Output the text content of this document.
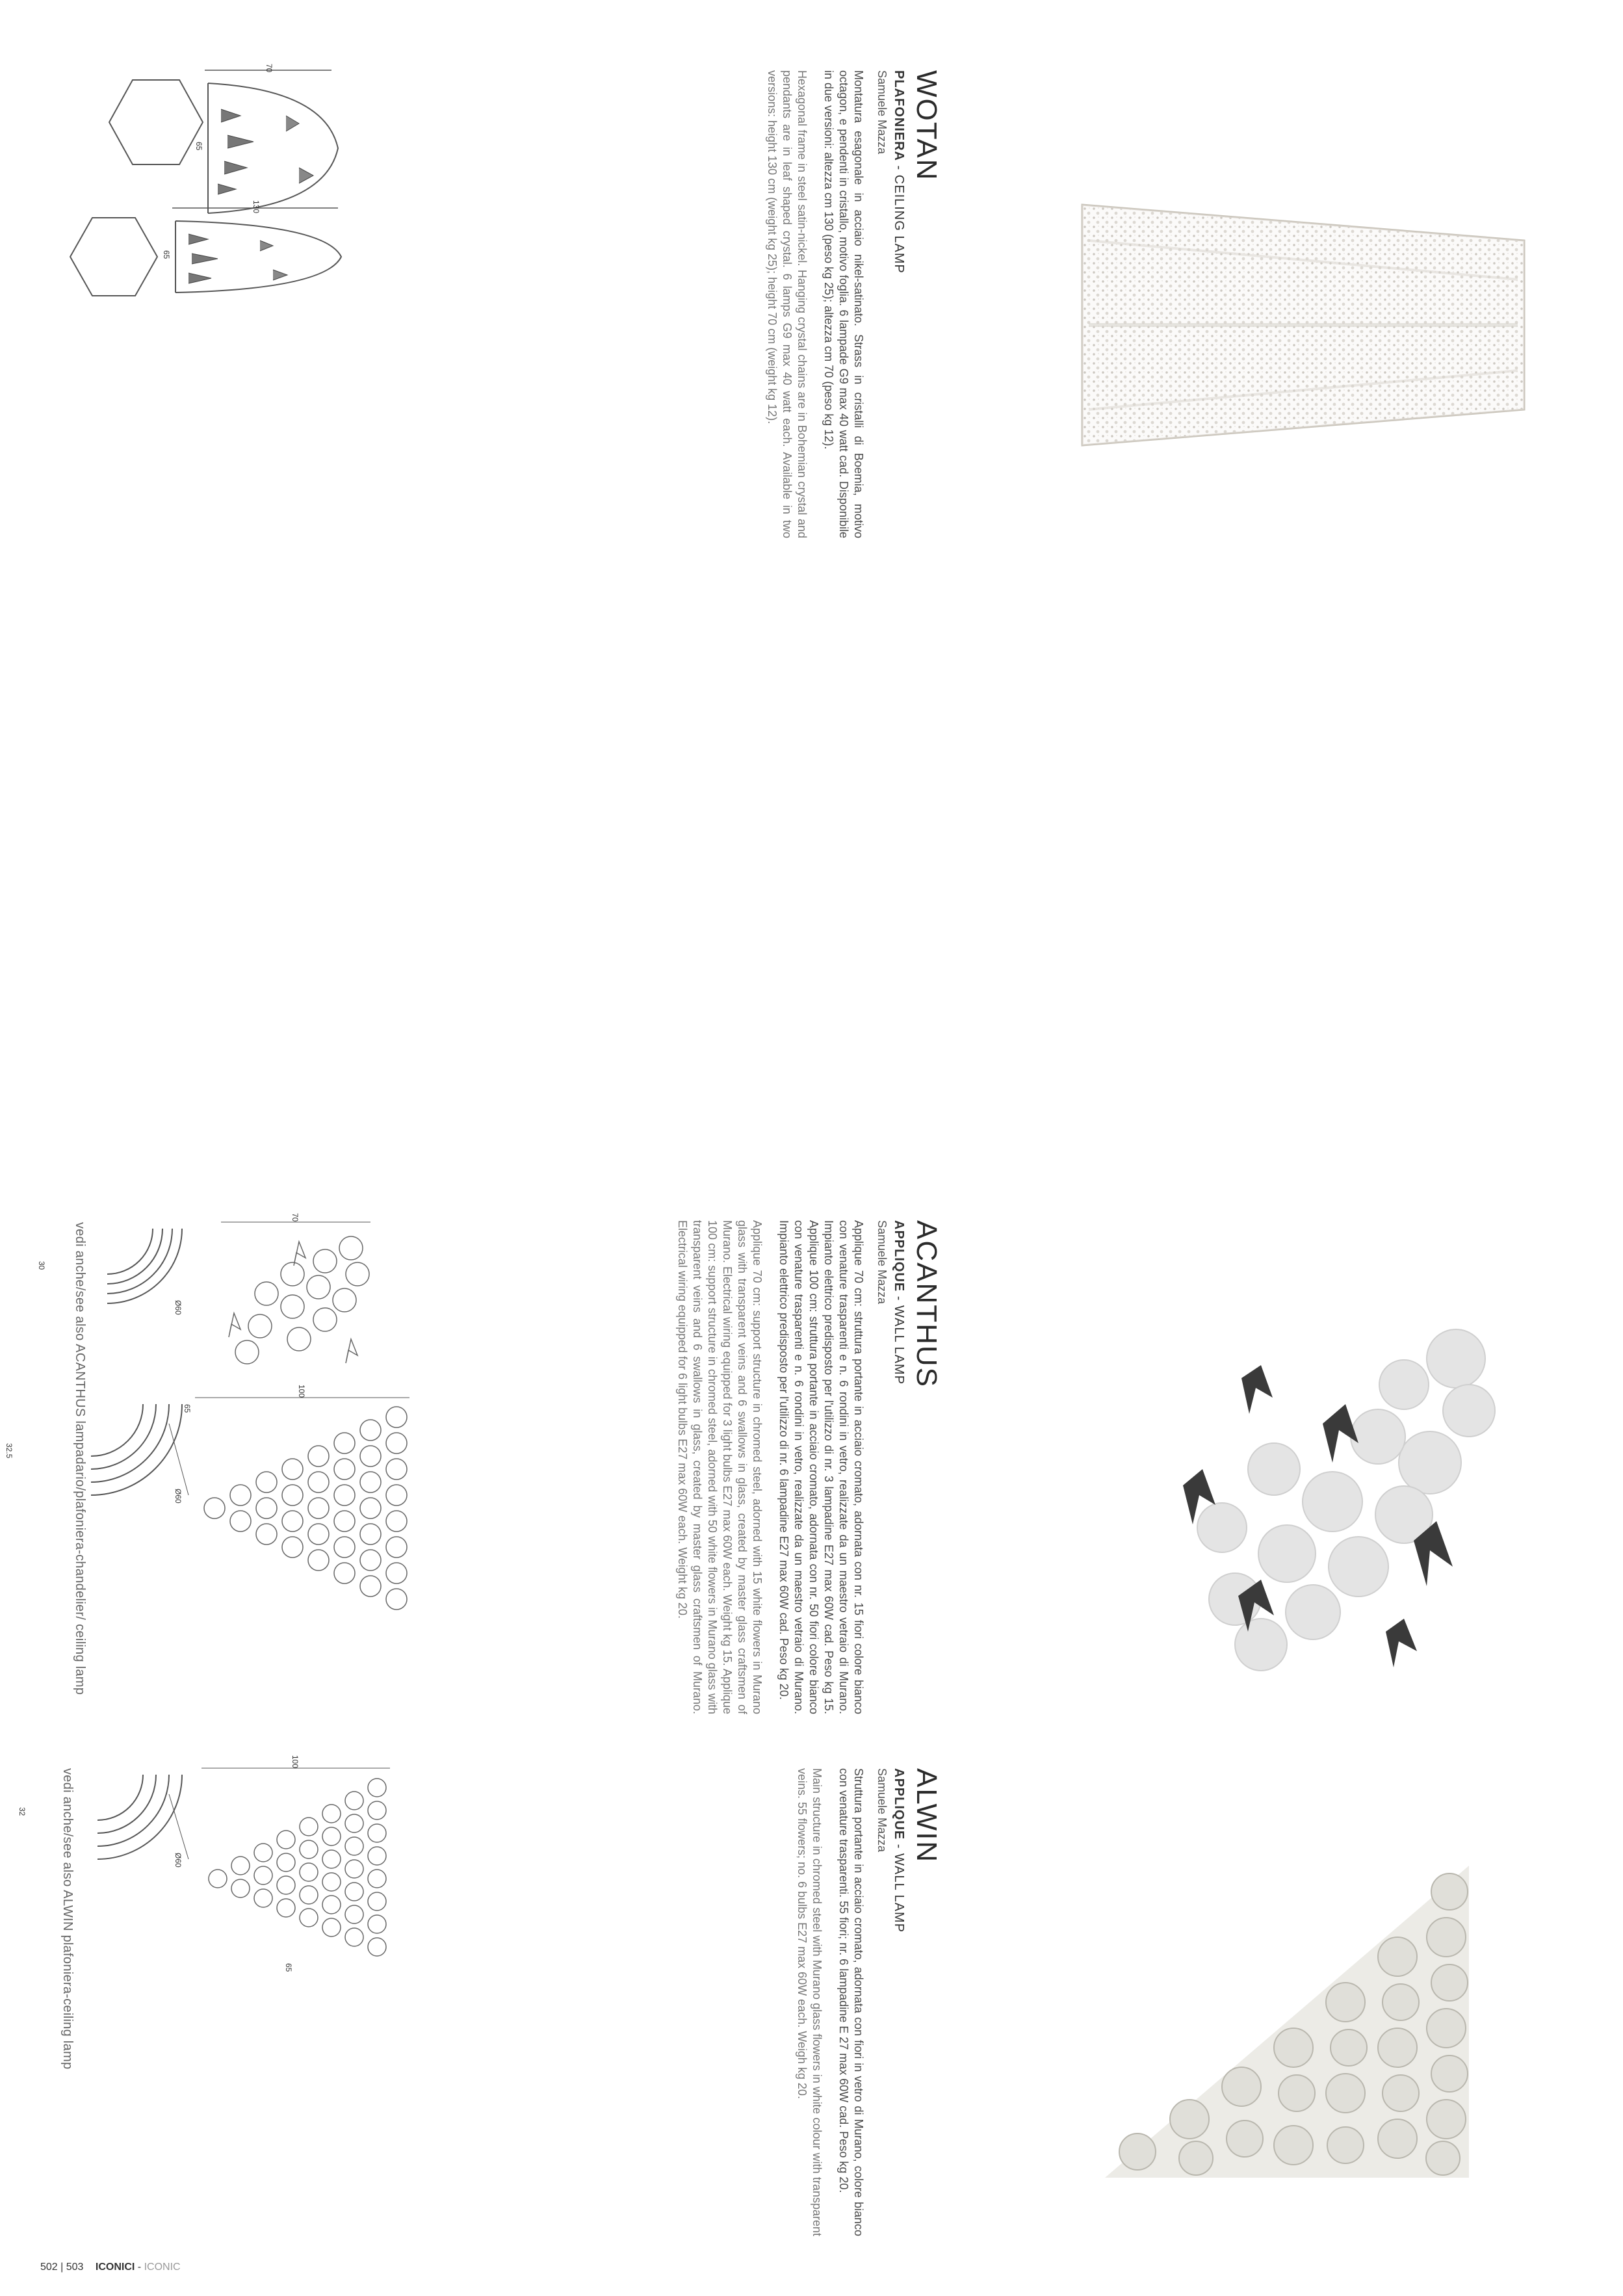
WOTAN
PLAFONIERA - CEILING LAMP
Samuele Mazza
Montatura esagonale in acciaio nikel-satinato. Strass in cristalli di Boemia, motivo octagon, e pendenti in cristallo, motivo foglia. 6 lampade G9 max 40 watt cad. Disponibile in due versioni: altezza cm 130 (peso kg 25); altezza cm 70 (peso kg 12).
Hexagonal frame in steel satin-nickel. Hanging crystal chains are in Bohemian crystal and pendants are in leaf shaped crystal. 6 lamps G9 max 40 watt each. Available in two versions: height 130 cm (weight kg 25); height 70 cm (weight kg 12).
70
65
130
65
ACANTHUS
APPLIQUE - WALL LAMP
Samuele Mazza
Applique 70 cm: struttura portante in acciaio cromato, adornata con nr. 15 fiori colore bianco con venature trasparenti e n. 6 rondini in vetro, realizzate da un maestro vetraio di Murano. Impianto elettrico predisposto per l'utilizzo di nr. 3 lampadine E27 max 60W cad. Peso kg 15. Applique 100 cm: struttura portante in acciaio cromato, adornata con nr. 50 fiori colore bianco con venature trasparenti e n. 6 rondini in vetro, realizzate da un maestro vetraio di Murano. Impianto elettrico predisposto per l'utilizzo di nr. 6 lampadine E27 max 60W cad. Peso kg 20.
Applique 70 cm: support structure in chromed steel, adorned with 15 white flowers in Murano glass with transparent veins and 6 swallows in glass, created by master glass craftsmen of Murano. Electrical wiring equipped for 3 light bulbs E27 max 60W each. Weight kg 15. Applique 100 cm: support structure in chromed steel, adorned with 50 white flowers in Murano glass with transparent veins and 6 swallows in glass, created by master glass craftsmen of Murano. Electrical wiring equipped for 6 light bulbs E27 max 60W each. Weight kg 20.
70
Ø60
30
100
65
Ø60
32.5	vedi anche/see also ACANTHUS lampadario/plafoniera-chandelier/ ceiling lamp
ALWIN
APPLIQUE - WALL LAMP
Samuele Mazza
Struttura portante in acciaio cromato, adornata con fiori in vetro di Murano, colore bianco con venature trasparenti. 55 fiori; nr. 6 lampadine E 27 max 60W cad. Peso kg 20.
Main structure in chromed steel with Murano glass flowers in white colour with transparent veins. 55 flowers; no. 6 bulbs E27 max 60W each. Weigh kg 20.
100
65
Ø60
32	vedi anche/see also ALWIN plafoniera-ceiling lamp
502 | 503 ICONICI - ICONIC
